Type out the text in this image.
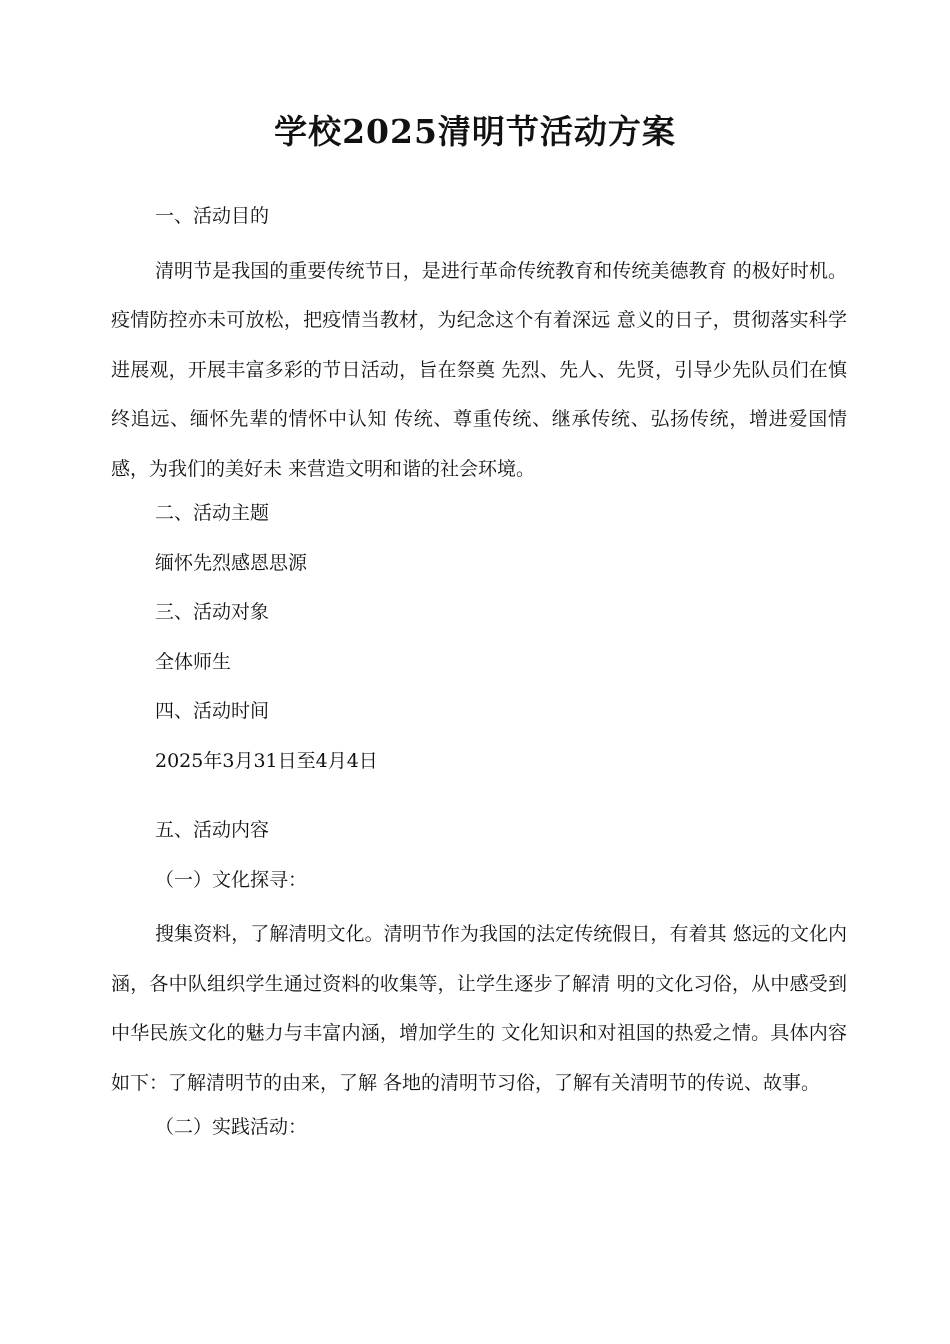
学校2025清明节活动方案

一、活动目的

清明节是我国的重要传统节日，是进行革命传统教育和传统美德教育 的极好时机。疫情防控亦未可放松，把疫情当教材，为纪念这个有着深远 意义的日子，贯彻落实科学进展观，开展丰富多彩的节日活动，旨在祭奠 先烈、先人、先贤，引导少先队员们在慎终追远、缅怀先辈的情怀中认知 传统、尊重传统、继承传统、弘扬传统，增进爱国情感，为我们的美好未 来营造文明和谐的社会环境。

二、活动主题

缅怀先烈感恩思源

三、活动对象

全体师生

四、活动时间

2025年3月31日至4月4日

五、活动内容

（一）文化探寻：

搜集资料，了解清明文化。清明节作为我国的法定传统假日，有着其 悠远的文化内涵，各中队组织学生通过资料的收集等，让学生逐步了解清 明的文化习俗，从中感受到中华民族文化的魅力与丰富内涵，增加学生的 文化知识和对祖国的热爱之情。具体内容如下：了解清明节的由来，了解 各地的清明节习俗，了解有关清明节的传说、故事。

（二）实践活动：
